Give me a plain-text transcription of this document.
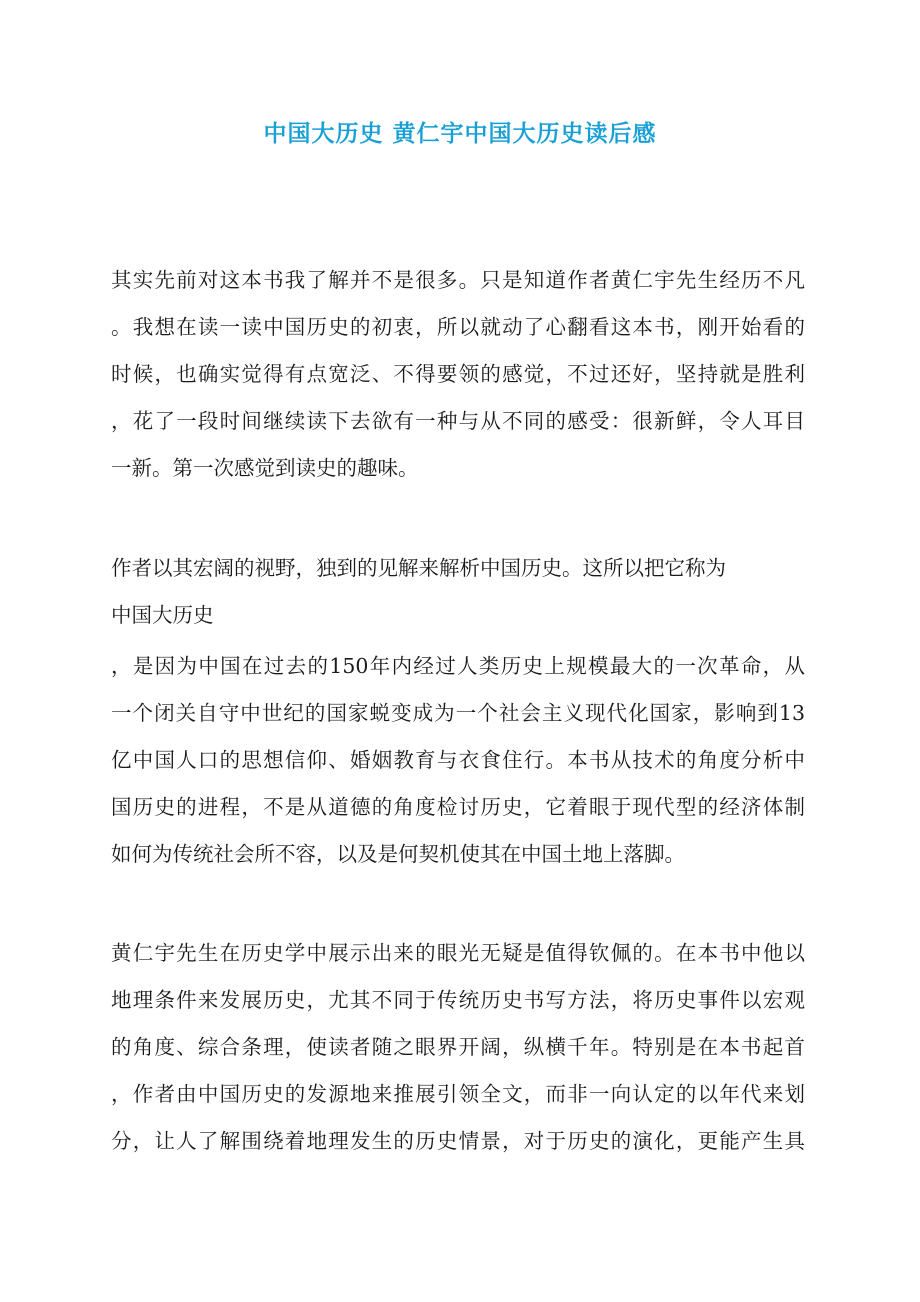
中国大历史 黄仁宇中国大历史读后感

其实先前对这本书我了解并不是很多。只是知道作者黄仁宇先生经历不凡

。我想在读一读中国历史的初衷，所以就动了心翻看这本书，刚开始看的

时候，也确实觉得有点宽泛、不得要领的感觉，不过还好，坚持就是胜利

，花了一段时间继续读下去欲有一种与从不同的感受：很新鲜，令人耳目

一新。第一次感觉到读史的趣味。

作者以其宏阔的视野，独到的见解来解析中国历史。这所以把它称为

中国大历史

，是因为中国在过去的150年内经过人类历史上规模最大的一次革命，从

一个闭关自守中世纪的国家蜕变成为一个社会主义现代化国家，影响到13

亿中国人口的思想信仰、婚姻教育与衣食住行。本书从技术的角度分析中

国历史的进程，不是从道德的角度检讨历史，它着眼于现代型的经济体制

如何为传统社会所不容，以及是何契机使其在中国土地上落脚。

黄仁宇先生在历史学中展示出来的眼光无疑是值得钦佩的。在本书中他以

地理条件来发展历史，尤其不同于传统历史书写方法，将历史事件以宏观

的角度、综合条理，使读者随之眼界开阔，纵横千年。特别是在本书起首

，作者由中国历史的发源地来推展引领全文，而非一向认定的以年代来划

分，让人了解围绕着地理发生的历史情景，对于历史的演化，更能产生具
